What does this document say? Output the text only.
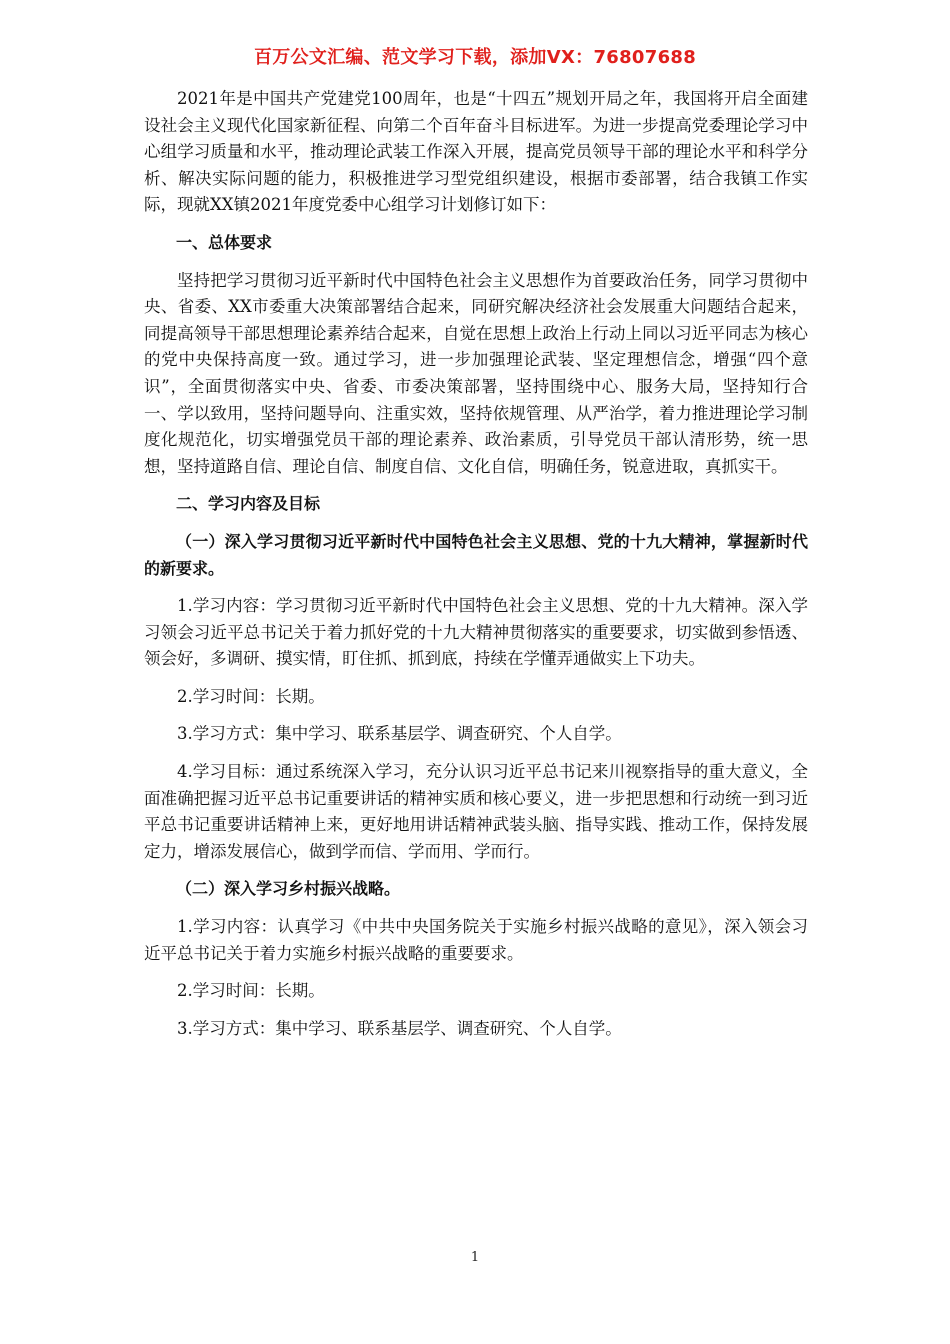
百万公文汇编、范文学习下载，添加VX：76807688

2021年是中国共产党建党100周年，也是“十四五”规划开局之年，我国将开启全面建设社会主义现代化国家新征程、向第二个百年奋斗目标进军。为进一步提高党委理论学习中心组学习质量和水平，推动理论武装工作深入开展，提高党员领导干部的理论水平和科学分析、解决实际问题的能力，积极推进学习型党组织建设，根据市委部署，结合我镇工作实际，现就XX镇2021年度党委中心组学习计划修订如下：

一、总体要求

坚持把学习贯彻习近平新时代中国特色社会主义思想作为首要政治任务，同学习贯彻中央、省委、XX市委重大决策部署结合起来，同研究解决经济社会发展重大问题结合起来，同提高领导干部思想理论素养结合起来，自觉在思想上政治上行动上同以习近平同志为核心的党中央保持高度一致。通过学习，进一步加强理论武装、坚定理想信念，增强“四个意识”，全面贯彻落实中央、省委、市委决策部署，坚持围绕中心、服务大局，坚持知行合一、学以致用，坚持问题导向、注重实效，坚持依规管理、从严治学，着力推进理论学习制度化规范化，切实增强党员干部的理论素养、政治素质，引导党员干部认清形势，统一思想，坚持道路自信、理论自信、制度自信、文化自信，明确任务，锐意进取，真抓实干。

二、学习内容及目标

（一）深入学习贯彻习近平新时代中国特色社会主义思想、党的十九大精神，掌握新时代的新要求。

1.学习内容：学习贯彻习近平新时代中国特色社会主义思想、党的十九大精神。深入学习领会习近平总书记关于着力抓好党的十九大精神贯彻落实的重要要求，切实做到参悟透、领会好，多调研、摸实情，盯住抓、抓到底，持续在学懂弄通做实上下功夫。

2.学习时间：长期。

3.学习方式：集中学习、联系基层学、调查研究、个人自学。

4.学习目标：通过系统深入学习，充分认识习近平总书记来川视察指导的重大意义，全面准确把握习近平总书记重要讲话的精神实质和核心要义，进一步把思想和行动统一到习近平总书记重要讲话精神上来，更好地用讲话精神武装头脑、指导实践、推动工作，保持发展定力，增添发展信心，做到学而信、学而用、学而行。

（二）深入学习乡村振兴战略。

1.学习内容：认真学习《中共中央国务院关于实施乡村振兴战略的意见》，深入领会习近平总书记关于着力实施乡村振兴战略的重要要求。

2.学习时间：长期。

3.学习方式：集中学习、联系基层学、调查研究、个人自学。

1
